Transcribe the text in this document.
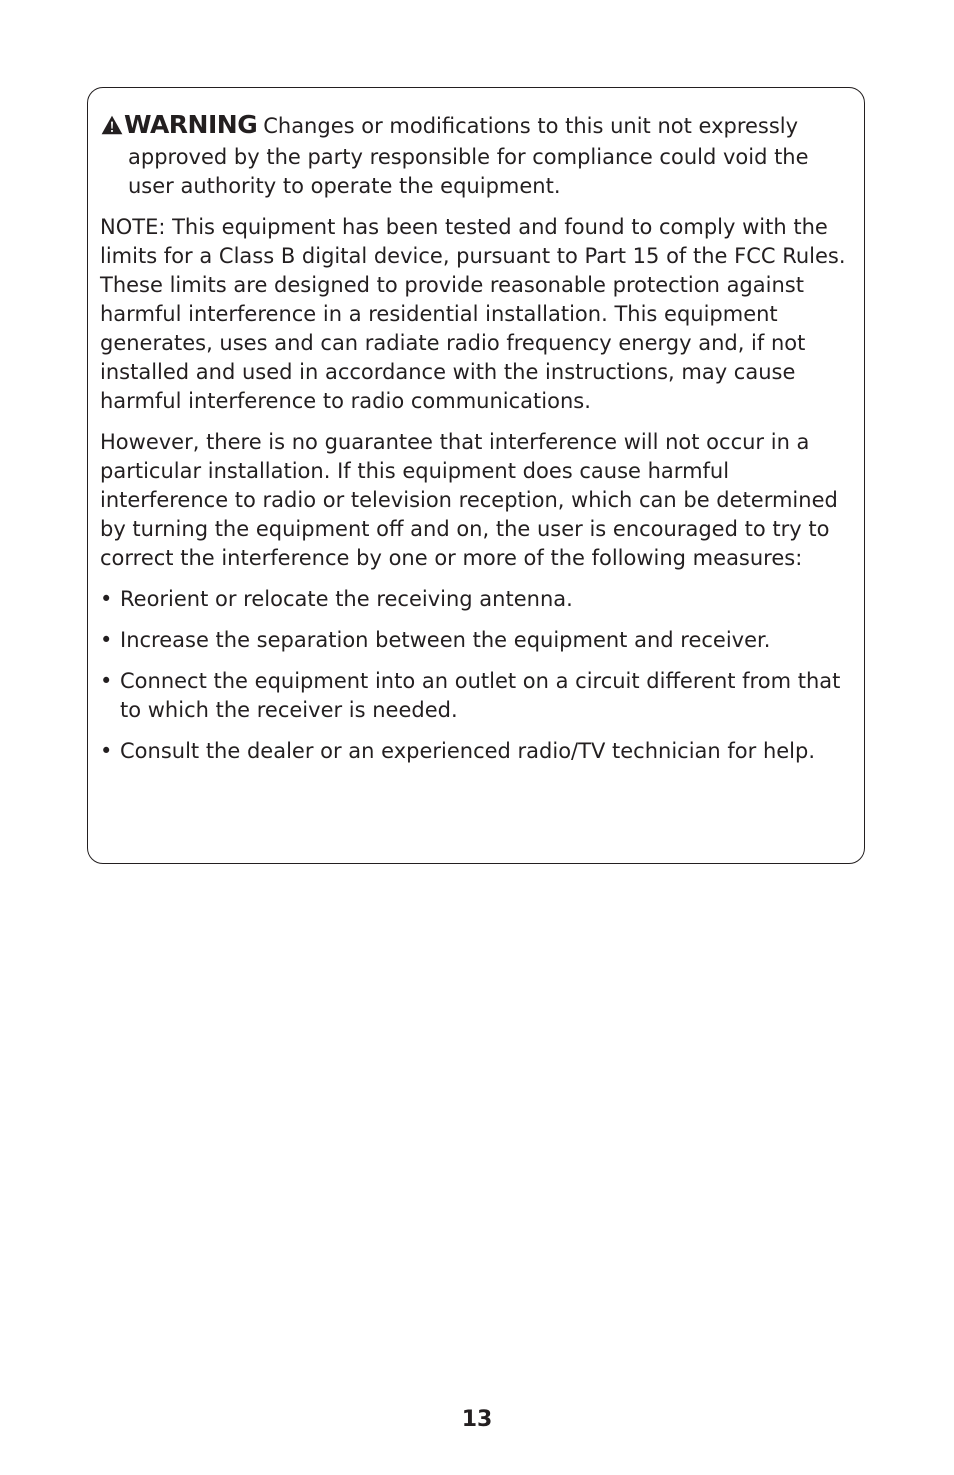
WARNING Changes or modifications to this unit not expressly approved by the party responsible for compliance could void the user authority to operate the equipment.

NOTE: This equipment has been tested and found to comply with the limits for a Class B digital device, pursuant to Part 15 of the FCC Rules. These limits are designed to provide reasonable protection against harmful interference in a residential installation. This equipment generates, uses and can radiate radio frequency energy and, if not installed and used in accordance with the instructions, may cause harmful interference to radio communications.

However, there is no guarantee that interference will not occur in a particular installation. If this equipment does cause harmful interference to radio or television reception, which can be determined by turning the equipment off and on, the user is encouraged to try to correct the interference by one or more of the following measures:

• Reorient or relocate the receiving antenna.
• Increase the separation between the equipment and receiver.
• Connect the equipment into an outlet on a circuit different from that to which the receiver is needed.
• Consult the dealer or an experienced radio/TV technician for help.
13
